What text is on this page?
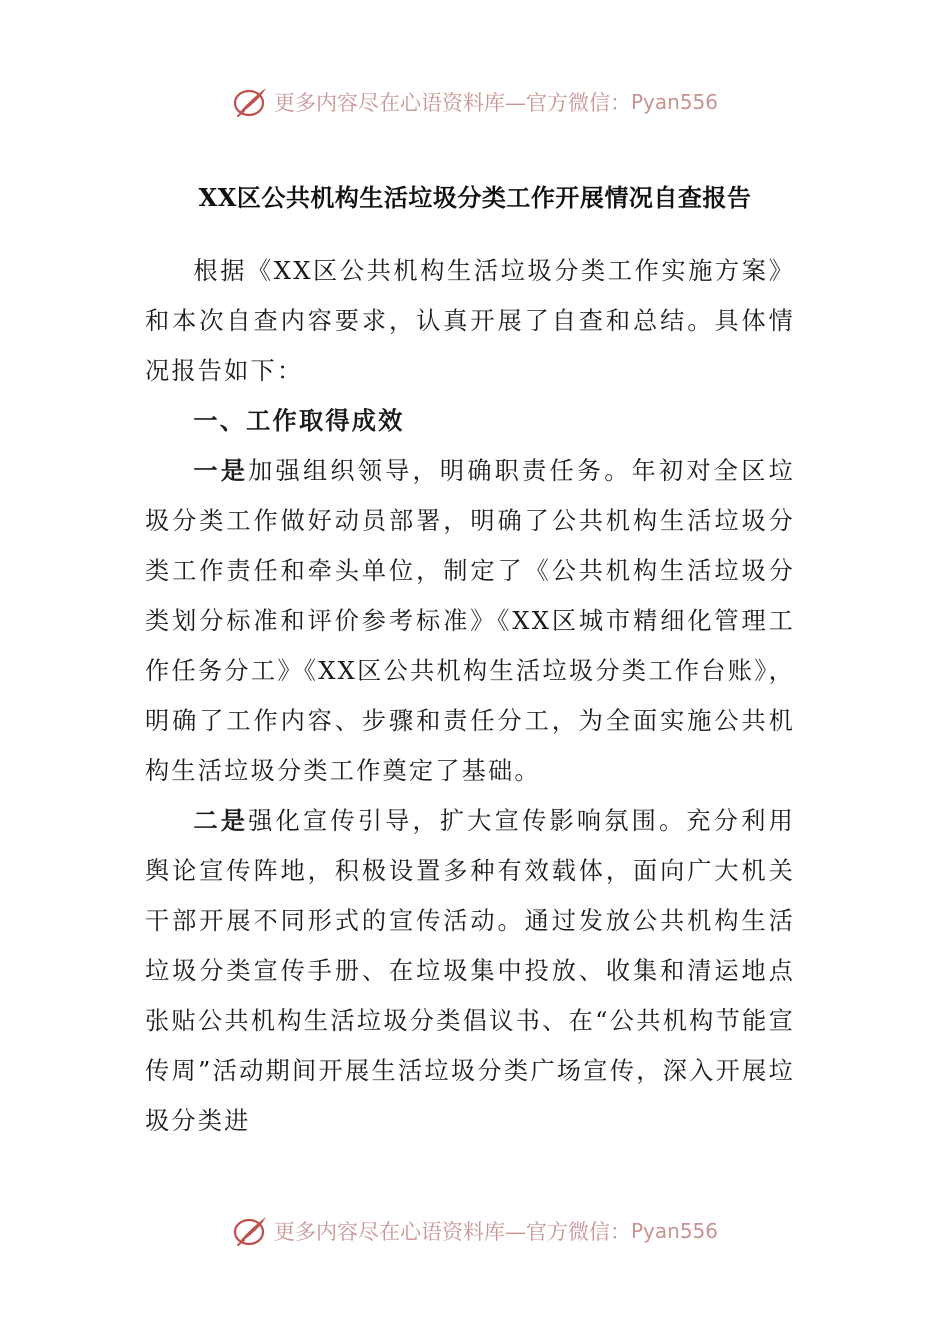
更多内容尽在心语资料库—官方微信： Pyan556
XX区公共机构生活垃圾分类工作开展情况自查报告

根据《XX区公共机构生活垃圾分类工作实施方案》和本次自查内容要求，认真开展了自查和总结。具体情况报告如下：

一、工作取得成效

一是加强组织领导，明确职责任务。年初对全区垃圾分类工作做好动员部署，明确了公共机构生活垃圾分类工作责任和牵头单位，制定了《公共机构生活垃圾分类划分标准和评价参考标准》《XX区城市精细化管理工作任务分工》《XX区公共机构生活垃圾分类工作台账》，明确了工作内容、步骤和责任分工，为全面实施公共机构生活垃圾分类工作奠定了基础。

二是强化宣传引导，扩大宣传影响氛围。充分利用舆论宣传阵地，积极设置多种有效载体，面向广大机关干部开展不同形式的宣传活动。通过发放公共机构生活垃圾分类宣传手册、在垃圾集中投放、收集和清运地点张贴公共机构生活垃圾分类倡议书、在“公共机构节能宣传周”活动期间开展生活垃圾分类广场宣传，深入开展垃圾分类进

更多内容尽在心语资料库—官方微信： Pyan556
